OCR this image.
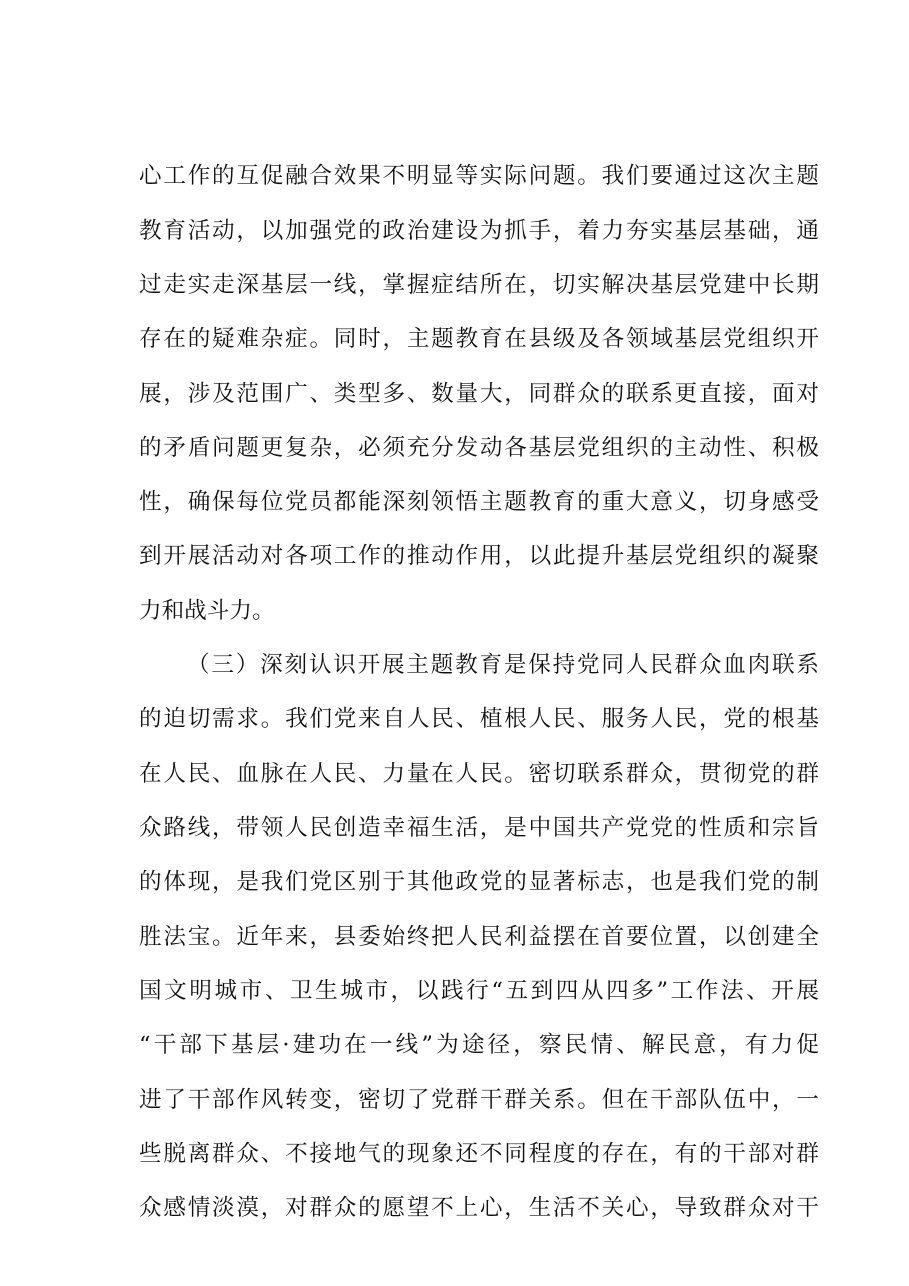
心工作的互促融合效果不明显等实际问题。我们要通过这次主题

教育活动，以加强党的政治建设为抓手，着力夯实基层基础，通

过走实走深基层一线，掌握症结所在，切实解决基层党建中长期

存在的疑难杂症。同时，主题教育在县级及各领域基层党组织开

展，涉及范围广、类型多、数量大，同群众的联系更直接，面对

的矛盾问题更复杂，必须充分发动各基层党组织的主动性、积极

性，确保每位党员都能深刻领悟主题教育的重大意义，切身感受

到开展活动对各项工作的推动作用，以此提升基层党组织的凝聚

力和战斗力。

（三）深刻认识开展主题教育是保持党同人民群众血肉联系

的迫切需求。我们党来自人民、植根人民、服务人民，党的根基

在人民、血脉在人民、力量在人民。密切联系群众，贯彻党的群

众路线，带领人民创造幸福生活，是中国共产党党的性质和宗旨

的体现，是我们党区别于其他政党的显著标志，也是我们党的制

胜法宝。近年来，县委始终把人民利益摆在首要位置，以创建全

国文明城市、卫生城市，以践行“五到四从四多”工作法、开展

“干部下基层·建功在一线”为途径，察民情、解民意，有力促

进了干部作风转变，密切了党群干群关系。但在干部队伍中，一

些脱离群众、不接地气的现象还不同程度的存在，有的干部对群

众感情淡漠，对群众的愿望不上心，生活不关心，导致群众对干
